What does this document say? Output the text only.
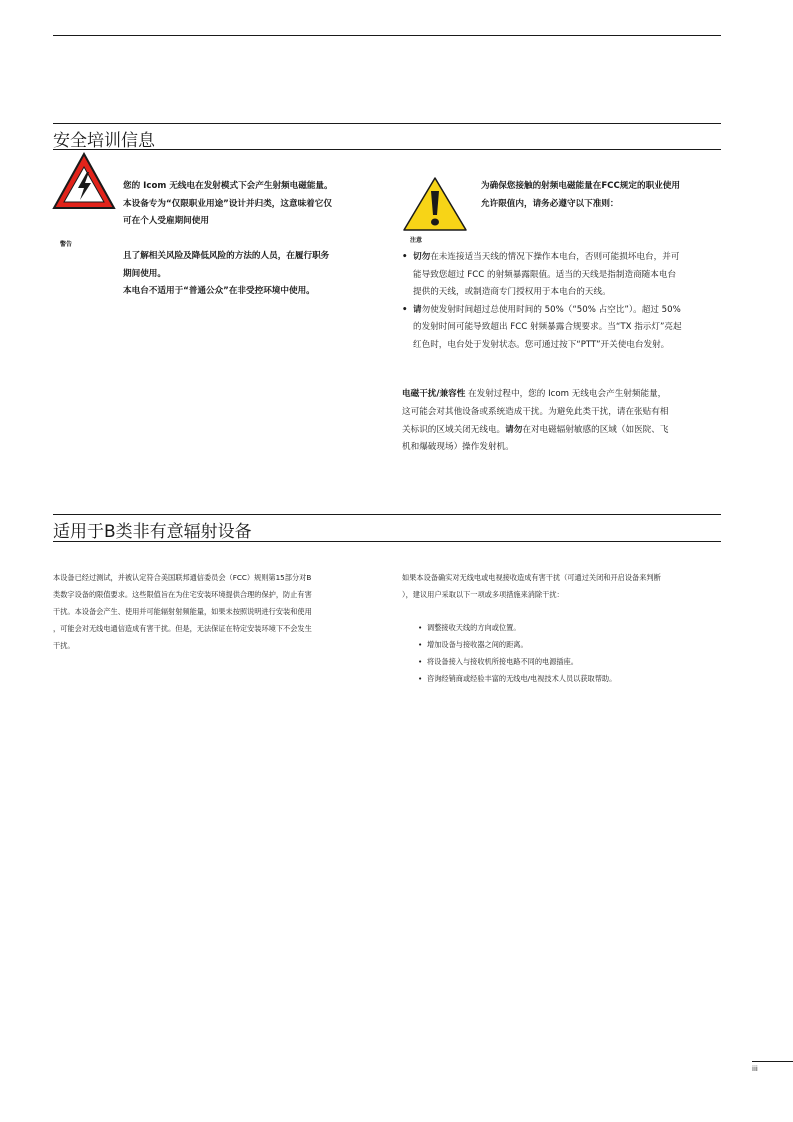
安全培训信息
警告
您的 Icom 无线电在发射模式下会产生射频电磁能量。
本设备专为“仅限职业用途”设计并归类，这意味着它仅
可在个人受雇期间使用
且了解相关风险及降低风险的方法的人员，在履行职务
期间使用。
本电台不适用于“普通公众”在非受控环境中使用。
注意
为确保您接触的射频电磁能量在FCC规定的职业使用
允许限值内，请务必遵守以下准则：
• 切勿在未连接适当天线的情况下操作本电台，否则可能损坏电台，并可
能导致您超过 FCC 的射频暴露限值。适当的天线是指制造商随本电台
提供的天线，或制造商专门授权用于本电台的天线。
• 请勿使发射时间超过总使用时间的 50%（“50% 占空比”）。超过 50%
的发射时间可能导致超出 FCC 射频暴露合规要求。当“TX 指示灯”亮起
红色时，电台处于发射状态。您可通过按下“PTT”开关使电台发射。
电磁干扰/兼容性 在发射过程中，您的 Icom 无线电会产生射频能量，
这可能会对其他设备或系统造成干扰。为避免此类干扰，请在张贴有相
关标识的区域关闭无线电。请勿在对电磁辐射敏感的区域（如医院、飞
机和爆破现场）操作发射机。
适用于B类非有意辐射设备
本设备已经过测试，并被认定符合美国联邦通信委员会（FCC）规则第15部分对B
类数字设备的限值要求。这些限值旨在为住宅安装环境提供合理的保护，防止有害
干扰。本设备会产生、使用并可能辐射射频能量，如果未按照说明进行安装和使用
，可能会对无线电通信造成有害干扰。但是，无法保证在特定安装环境下不会发生
干扰。
如果本设备确实对无线电或电视接收造成有害干扰（可通过关闭和开启设备来判断
），建议用户采取以下一项或多项措施来消除干扰：
• 调整接收天线的方向或位置。
• 增加设备与接收器之间的距离。
• 将设备接入与接收机所接电路不同的电源插座。
• 咨询经销商或经验丰富的无线电/电视技术人员以获取帮助。
iii
